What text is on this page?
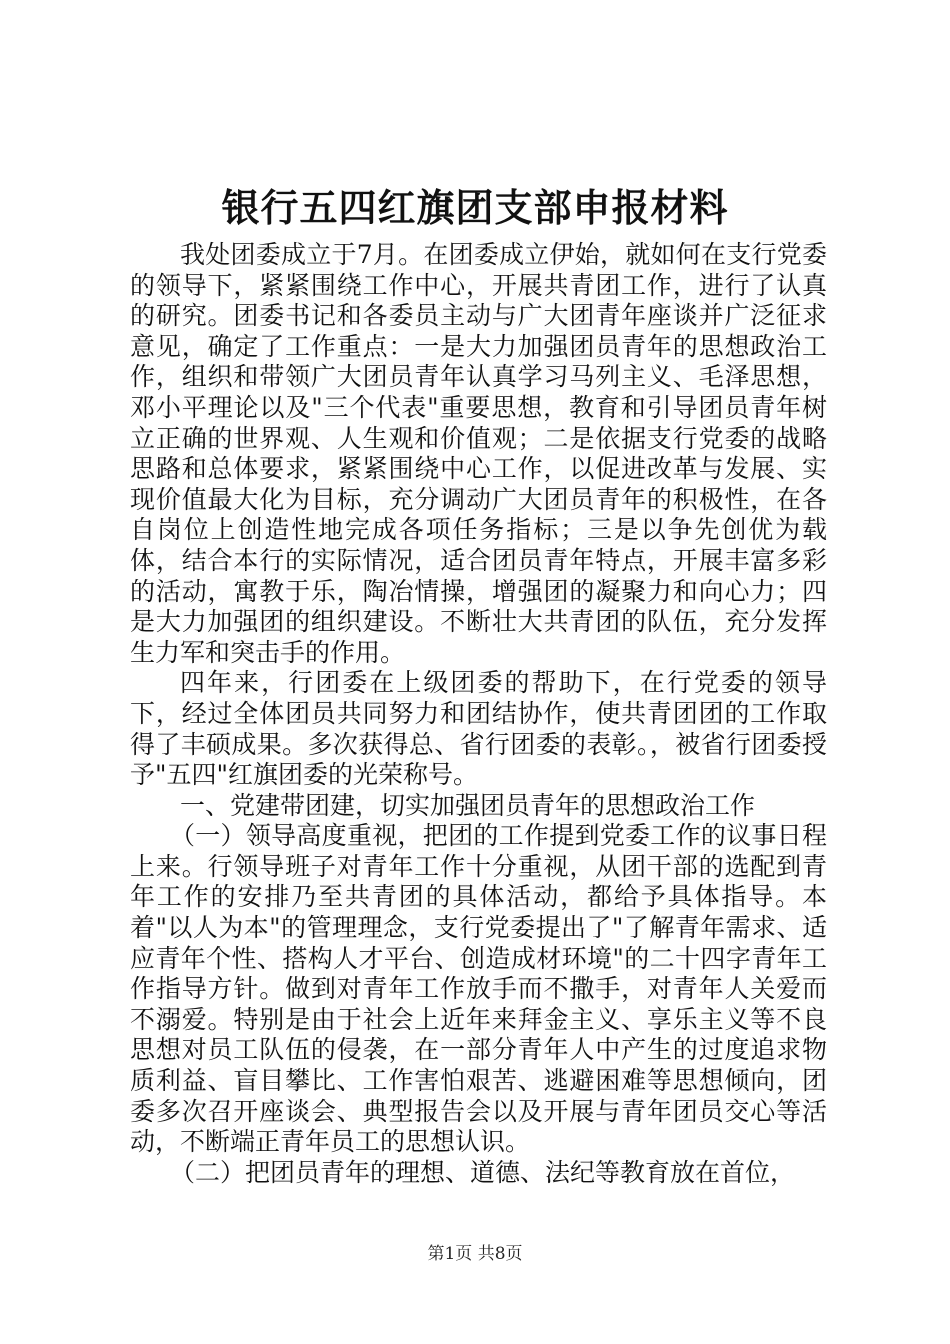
银行五四红旗团支部申报材料

我处团委成立于7月。在团委成立伊始，就如何在支行党委的领导下，紧紧围绕工作中心，开展共青团工作，进行了认真的研究。团委书记和各委员主动与广大团青年座谈并广泛征求意见，确定了工作重点：一是大力加强团员青年的思想政治工作，组织和带领广大团员青年认真学习马列主义、毛泽思想，邓小平理论以及"三个代表"重要思想，教育和引导团员青年树立正确的世界观、人生观和价值观；二是依据支行党委的战略思路和总体要求，紧紧围绕中心工作，以促进改革与发展、实现价值最大化为目标，充分调动广大团员青年的积极性，在各自岗位上创造性地完成各项任务指标；三是以争先创优为载体，结合本行的实际情况，适合团员青年特点，开展丰富多彩的活动，寓教于乐，陶冶情操，增强团的凝聚力和向心力；四是大力加强团的组织建设。不断壮大共青团的队伍，充分发挥生力军和突击手的作用。

四年来，行团委在上级团委的帮助下，在行党委的领导下，经过全体团员共同努力和团结协作，使共青团团的工作取得了丰硕成果。多次获得总、省行团委的表彰。，被省行团委授予"五四"红旗团委的光荣称号。

一、党建带团建，切实加强团员青年的思想政治工作

（一）领导高度重视，把团的工作提到党委工作的议事日程上来。行领导班子对青年工作十分重视，从团干部的选配到青年工作的安排乃至共青团的具体活动，都给予具体指导。本着"以人为本"的管理理念，支行党委提出了"了解青年需求、适应青年个性、搭构人才平台、创造成材环境"的二十四字青年工作指导方针。做到对青年工作放手而不撒手，对青年人关爱而不溺爱。特别是由于社会上近年来拜金主义、享乐主义等不良思想对员工队伍的侵袭，在一部分青年人中产生的过度追求物质利益、盲目攀比、工作害怕艰苦、逃避困难等思想倾向，团委多次召开座谈会、典型报告会以及开展与青年团员交心等活动，不断端正青年员工的思想认识。

（二）把团员青年的理想、道德、法纪等教育放在首位，

第1页 共8页
